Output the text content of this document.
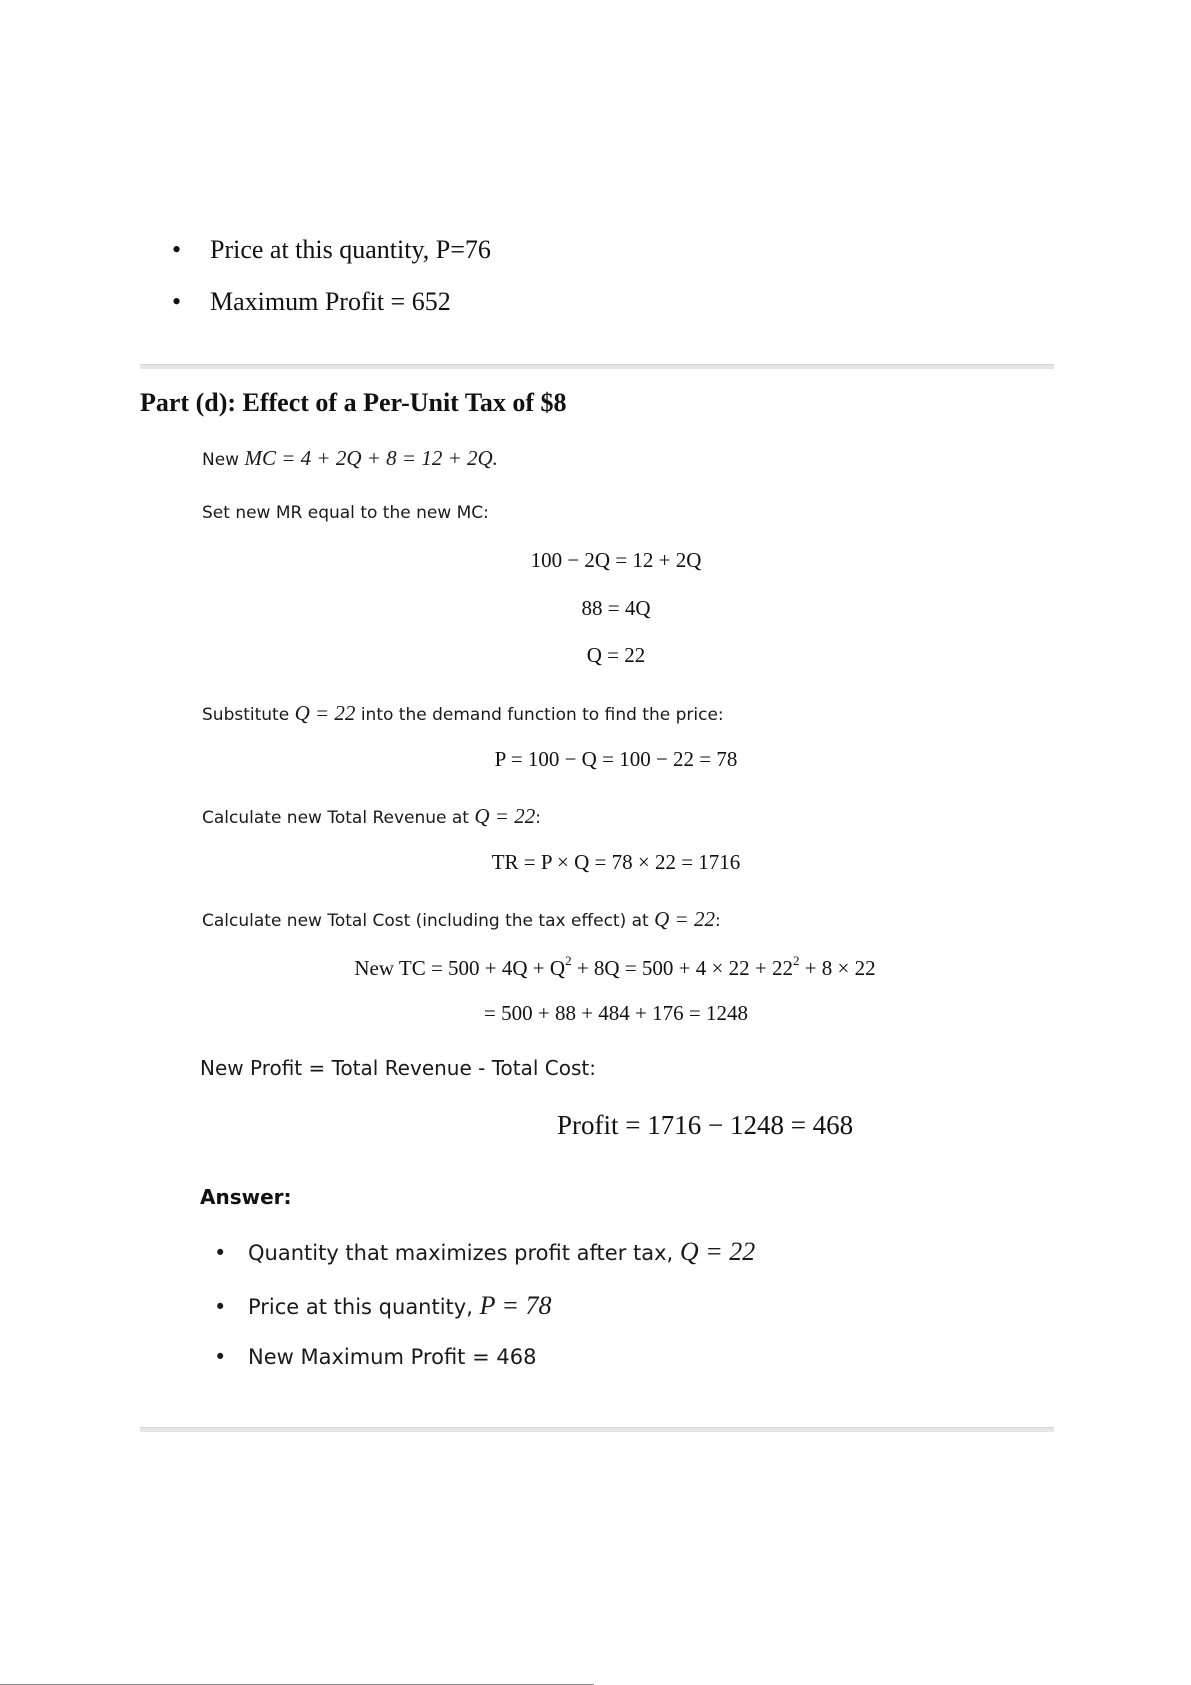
• Price at this quantity, P=76
• Maximum Profit = 652
Part (d): Effect of a Per-Unit Tax of $8
New MC = 4 + 2Q + 8 = 12 + 2Q.
Set new MR equal to the new MC:
100 − 2Q = 12 + 2Q
88 = 4Q
Q = 22
Substitute Q = 22 into the demand function to find the price:
P = 100 − Q = 100 − 22 = 78
Calculate new Total Revenue at Q = 22:
TR = P × Q = 78 × 22 = 1716
Calculate new Total Cost (including the tax effect) at Q = 22:
New TC = $500 + 4Q + Q^2 + 8Q = 500 + 4 \times 22 + 22^2 + 8 \times 22$
= 500 + 88 + 484 + 176 = 1248
New Profit = Total Revenue - Total Cost:
Profit = 1716 − 1248 = 468
Answer:
• Quantity that maximizes profit after tax, Q = 22
• Price at this quantity, P = 78
• New Maximum Profit = 468
